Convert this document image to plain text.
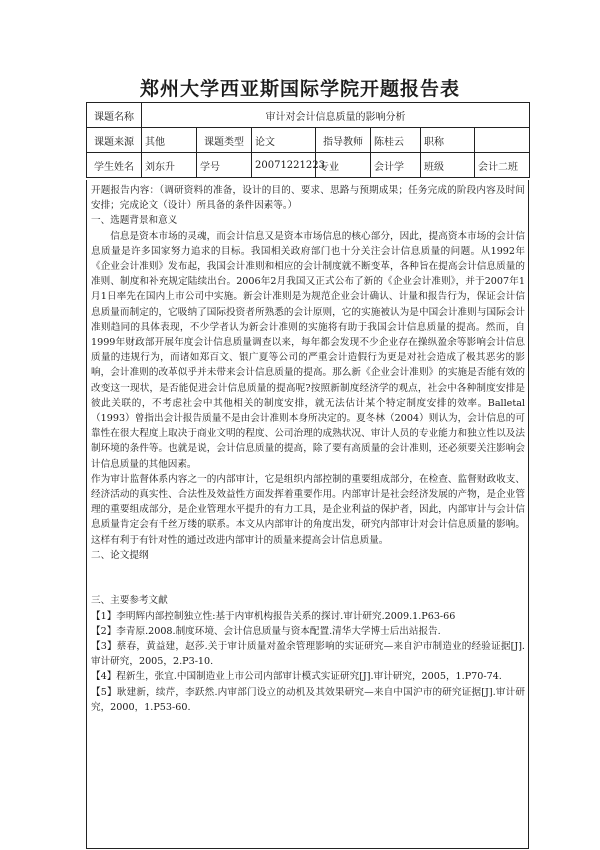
郑州大学西亚斯国际学院开题报告表
课题名称	审计对会计信息质量的影响分析						
课题来源	其他	课题类型	论文	指导教师	陈桂云	职称	
学生姓名	刘东升	学号	20071221223	专业	会计学	班级	会计二班

开题报告内容：（调研资料的准备，设计的目的、要求、思路与预期成果；任务完成的阶段内容及时间安排；完成论文（设计）所具备的条件因素等。）

一、选题背景和意义

信息是资本市场的灵魂，而会计信息又是资本市场信息的核心部分，因此，提高资本市场的会计信息质量是许多国家努力追求的目标。我国相关政府部门也十分关注会计信息质量的问题。从1992年《企业会计准则》发布起，我国会计准则和相应的会计制度就不断变革，各种旨在提高会计信息质量的准则、制度和补充规定陆续出台。2006年2月我国又正式公布了新的《企业会计准则》，并于2007年1月1日率先在国内上市公司中实施。新会计准则是为规范企业会计确认、计量和报告行为，保证会计信息质量而制定的，它吸纳了国际投资者所熟悉的会计原则，它的实施被认为是中国会计准则与国际会计准则趋同的具体表现，不少学者认为新会计准则的实施将有助于我国会计信息质量的提高。然而，自1999年财政部开展年度会计信息质量调查以来，每年都会发现不少企业存在操纵盈余等影响会计信息质量的违规行为，而诸如郑百文、银广夏等公司的严重会计造假行为更是对社会造成了极其恶劣的影响，会计准则的改革似乎并未带来会计信息质量的提高。那么新《企业会计准则》的实施是否能有效的改变这一现状，是否能促进会计信息质量的提高呢?按照新制度经济学的观点，社会中各种制度安排是彼此关联的，不考虑社会中其他相关的制度安排，就无法估计某个特定制度安排的效率。Balletal（1993）曾指出会计报告质量不是由会计准则本身所决定的。夏冬林（2004）则认为，会计信息的可靠性在很大程度上取决于商业文明的程度、公司治理的成熟状况、审计人员的专业能力和独立性以及法制环境的条件等。也就是说，会计信息质量的提高，除了要有高质量的会计准则，还必须要关注影响会计信息质量的其他因素。

作为审计监督体系内容之一的内部审计，它是组织内部控制的重要组成部分，在检查、监督财政收支、经济活动的真实性、合法性及效益性方面发挥着重要作用。内部审计是社会经济发展的产物，是企业管理的重要组成部分，是企业管理水平提升的有力工具，是企业利益的保护者，因此，内部审计与会计信息质量肯定会有千丝万缕的联系。本文从内部审计的角度出发，研究内部审计对会计信息质量的影响。这样有利于有针对性的通过改进内部审计的质量来提高会计信息质量。

二、论文提纲

三、主要参考文献

【1】李明辉内部控制独立性:基于内审机构报告关系的探讨.审计研究.2009.1.P63-66

【2】李青原.2008.制度环境、会计信息质量与资本配置.清华大学博士后出站报告.

【3】蔡春，黄益建，赵莎.关于审计质量对盈余管理影响的实证研究—来自沪市制造业的经验证据[J].审计研究，2005，2.P3-10.

【4】程新生，张宜.中国制造业上市公司内部审计模式实证研究[J].审计研究，2005，1.P70-74.

【5】耿建新，续芹，李跃然.内审部门设立的动机及其效果研究—来自中国沪市的研究证据[J].审计研究，2000，1.P53-60.
